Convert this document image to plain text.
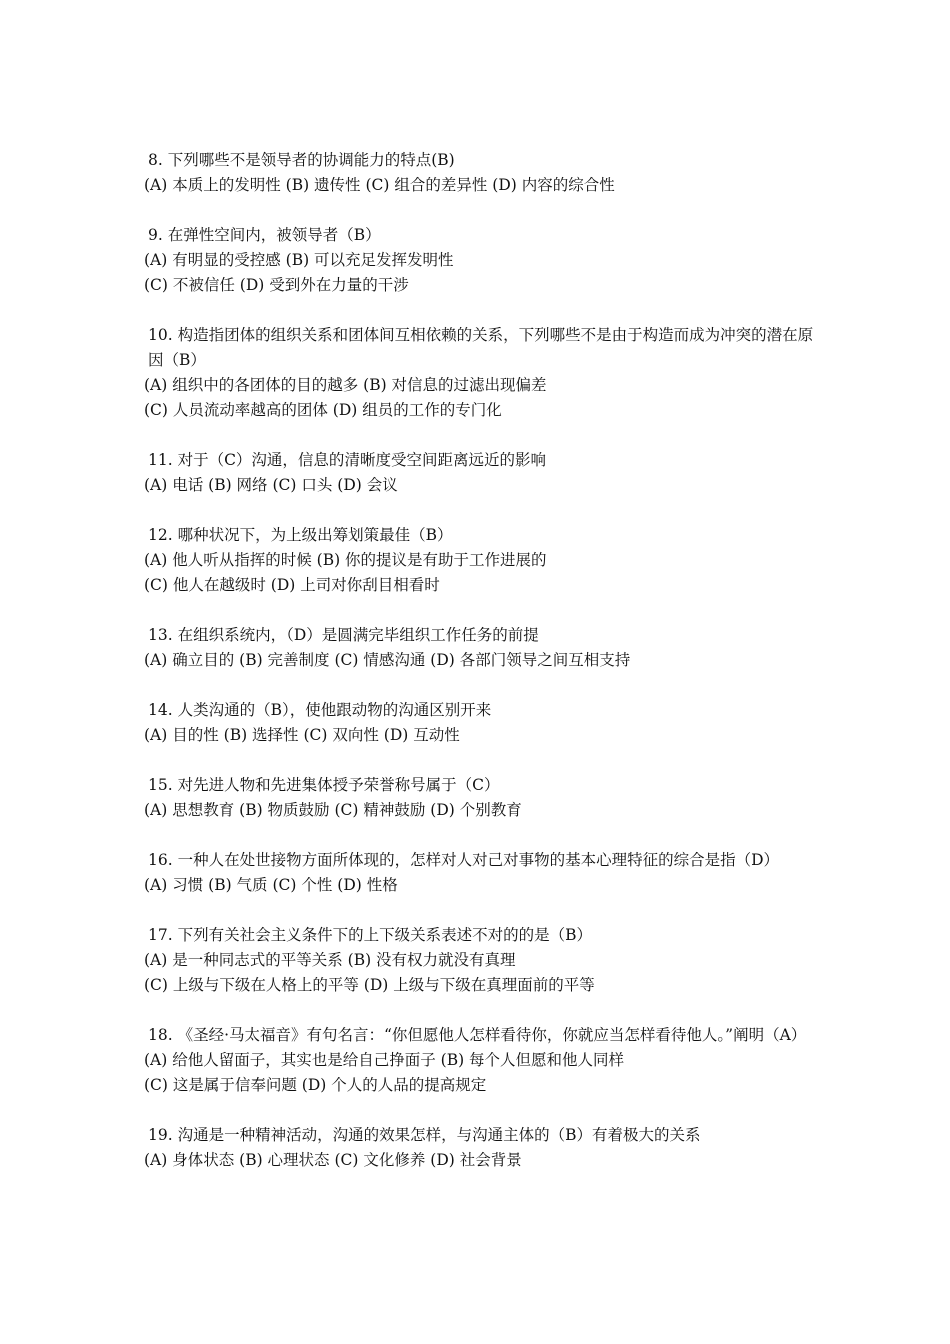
8. 下列哪些不是领导者的协调能力的特点(B)
(A) 本质上的发明性 (B) 遗传性 (C) 组合的差异性 (D) 内容的综合性
9. 在弹性空间内，被领导者（B）
(A) 有明显的受控感 (B) 可以充足发挥发明性
(C) 不被信任 (D) 受到外在力量的干涉
10. 构造指团体的组织关系和团体间互相依赖的关系，下列哪些不是由于构造而成为冲突的潜在原因（B）
(A) 组织中的各团体的目的越多 (B) 对信息的过滤出现偏差
(C) 人员流动率越高的团体 (D) 组员的工作的专门化
11. 对于（C）沟通，信息的清晰度受空间距离远近的影响
(A) 电话 (B) 网络 (C) 口头 (D) 会议
12. 哪种状况下，为上级出筹划策最佳（B）
(A) 他人听从指挥的时候 (B) 你的提议是有助于工作进展的
(C) 他人在越级时 (D) 上司对你刮目相看时
13. 在组织系统内，（D）是圆满完毕组织工作任务的前提
(A) 确立目的 (B) 完善制度 (C) 情感沟通 (D) 各部门领导之间互相支持
14. 人类沟通的（B），使他跟动物的沟通区别开来
(A) 目的性 (B) 选择性 (C) 双向性 (D) 互动性
15. 对先进人物和先进集体授予荣誉称号属于（C）
(A) 思想教育 (B) 物质鼓励 (C) 精神鼓励 (D) 个别教育
16. 一种人在处世接物方面所体现的，怎样对人对己对事物的基本心理特征的综合是指（D）
(A) 习惯 (B) 气质 (C) 个性 (D) 性格
17. 下列有关社会主义条件下的上下级关系表述不对的的是（B）
(A) 是一种同志式的平等关系 (B) 没有权力就没有真理
(C) 上级与下级在人格上的平等 (D) 上级与下级在真理面前的平等
18. 《圣经·马太福音》有句名言：“你但愿他人怎样看待你，你就应当怎样看待他人。”阐明（A）
(A) 给他人留面子，其实也是给自己挣面子 (B) 每个人但愿和他人同样
(C) 这是属于信奉问题 (D) 个人的人品的提高规定
19. 沟通是一种精神活动，沟通的效果怎样，与沟通主体的（B）有着极大的关系
(A) 身体状态 (B) 心理状态 (C) 文化修养 (D) 社会背景
